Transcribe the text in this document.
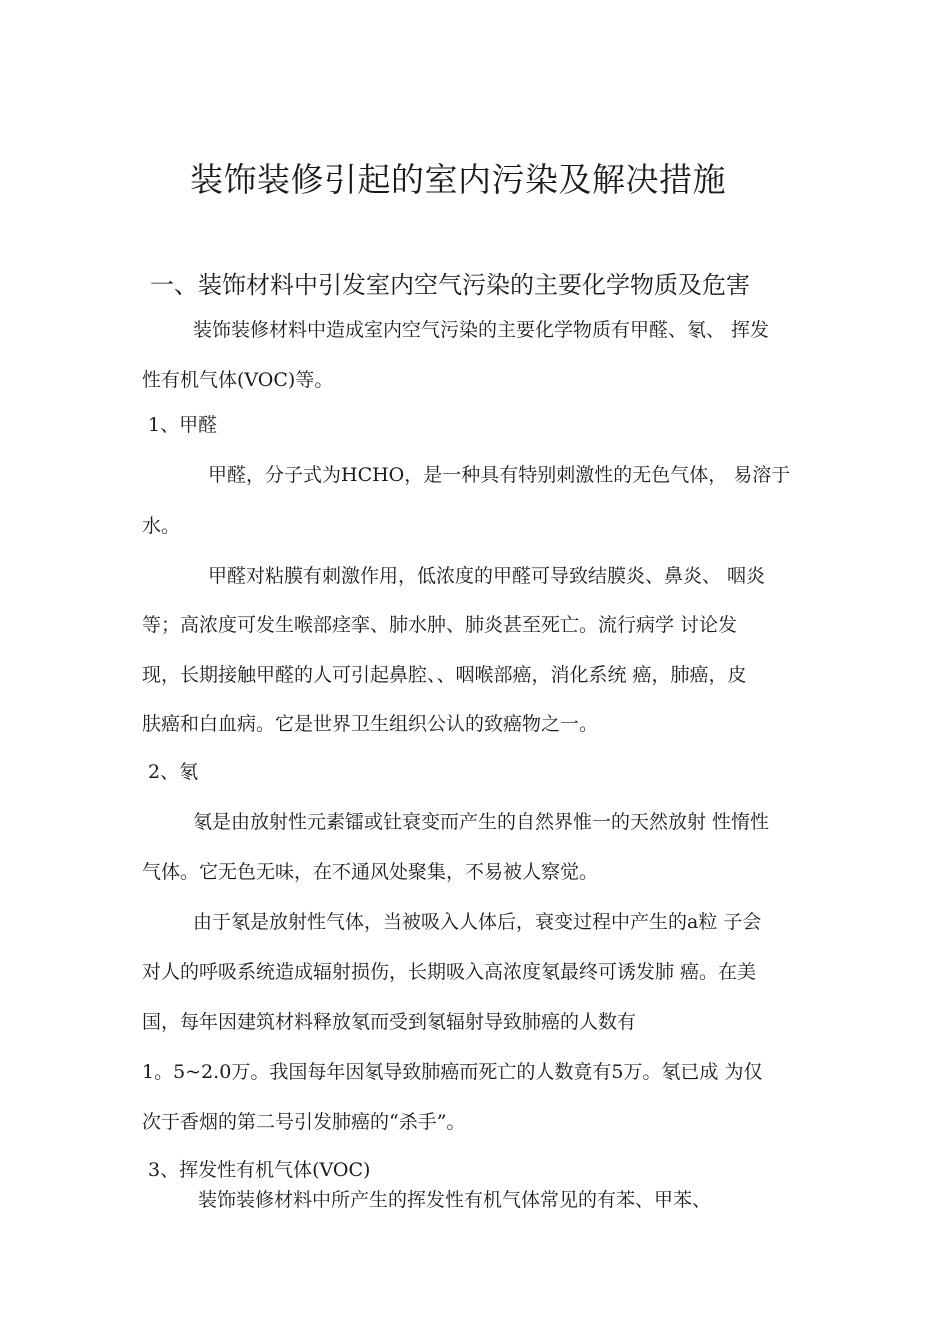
装饰装修引起的室内污染及解决措施
一、装饰材料中引发室内空气污染的主要化学物质及危害
装饰装修材料中造成室内空气污染的主要化学物质有甲醛、氡、 挥发
性有机气体(VOC)等。
1、甲醛
甲醛，分子式为HCHO，是一种具有特别刺激性的无色气体， 易溶于
水。
甲醛对粘膜有刺激作用，低浓度的甲醛可导致结膜炎、鼻炎、 咽炎
等；高浓度可发生喉部痉挛、肺水肿、肺炎甚至死亡。流行病学 讨论发
现，长期接触甲醛的人可引起鼻腔、、咽喉部癌，消化系统 癌，肺癌，皮
肤癌和白血病。它是世界卫生组织公认的致癌物之一。
2、氡
氡是由放射性元素镭或钍衰变而产生的自然界惟一的天然放射 性惰性
气体。它无色无味，在不通风处聚集，不易被人察觉。
由于氡是放射性气体，当被吸入人体后，衰变过程中产生的a粒 子会
对人的呼吸系统造成辐射损伤，长期吸入高浓度氡最终可诱发肺 癌。在美
国，每年因建筑材料释放氡而受到氡辐射导致肺癌的人数有
1。5~2.0万。我国每年因氡导致肺癌而死亡的人数竟有5万。氡已成 为仅
次于香烟的第二号引发肺癌的“杀手”。
3、挥发性有机气体(VOC)
装饰装修材料中所产生的挥发性有机气体常见的有苯、甲苯、
